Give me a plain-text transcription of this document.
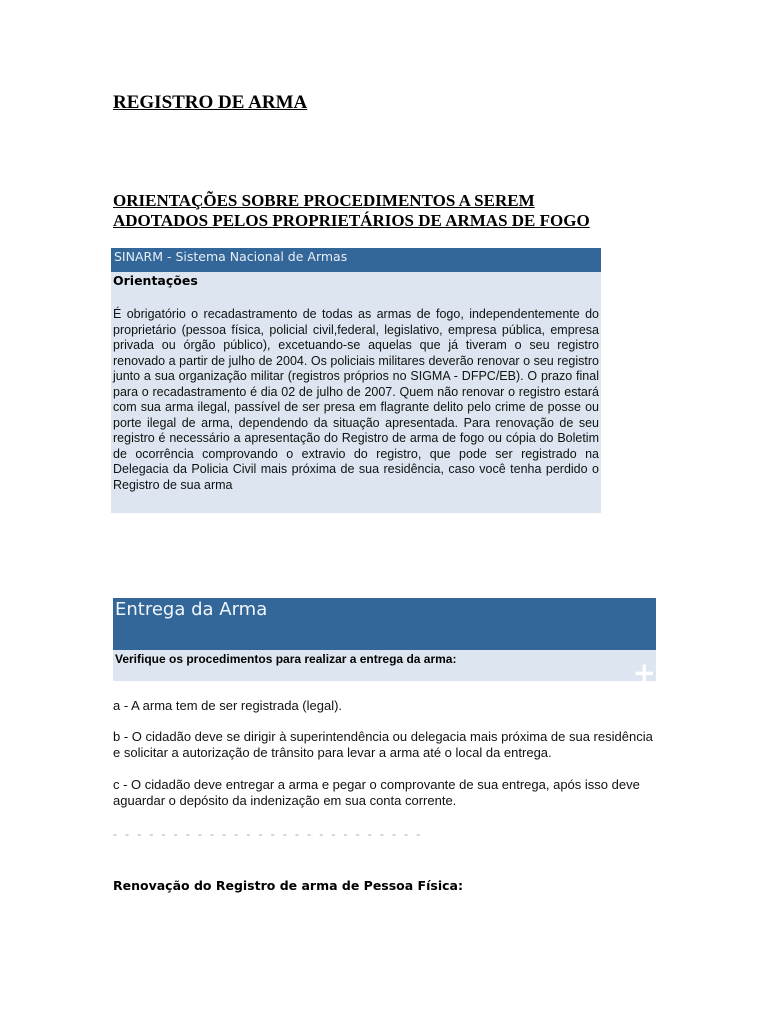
REGISTRO DE ARMA
ORIENTAÇÕES SOBRE PROCEDIMENTOS A SEREM
ADOTADOS PELOS PROPRIETÁRIOS DE ARMAS DE FOGO
SINARM - Sistema Nacional de Armas

Orientações

É obrigatório o recadastramento de todas as armas de fogo, independentemente do proprietário (pessoa física, policial civil,federal, legislativo, empresa pública, empresa privada ou órgão público), excetuando-se aquelas que já tiveram o seu registro renovado a partir de julho de 2004. Os policiais militares deverão renovar o seu registro junto a sua organização militar (registros próprios no SIGMA - DFPC/EB). O prazo final para o recadastramento é dia 02 de julho de 2007. Quem não renovar o registro estará com sua arma ilegal, passível de ser presa em flagrante delito pelo crime de posse ou porte ilegal de arma, dependendo da situação apresentada. Para renovação de seu registro é necessário a apresentação do Registro de arma de fogo ou cópia do Boletim de ocorrência comprovando o extravio do registro, que pode ser registrado na Delegacia da Policia Civil mais próxima de sua residência, caso você tenha perdido o Registro de sua arma

Entrega da Arma
Verifique os procedimentos para realizar a entrega da arma:	+

a - A arma tem de ser registrada (legal).

b - O cidadão deve se dirigir à superintendência ou delegacia mais próxima de sua residência e solicitar a autorização de trânsito para levar a arma até o local da entrega.

c - O cidadão deve entregar a arma e pegar o comprovante de sua entrega, após isso deve aguardar o depósito da indenização em sua conta corrente.

- - - - - - - - - - - - - - - - - - - - - - - - - -

Renovação do Registro de arma de Pessoa Física:
